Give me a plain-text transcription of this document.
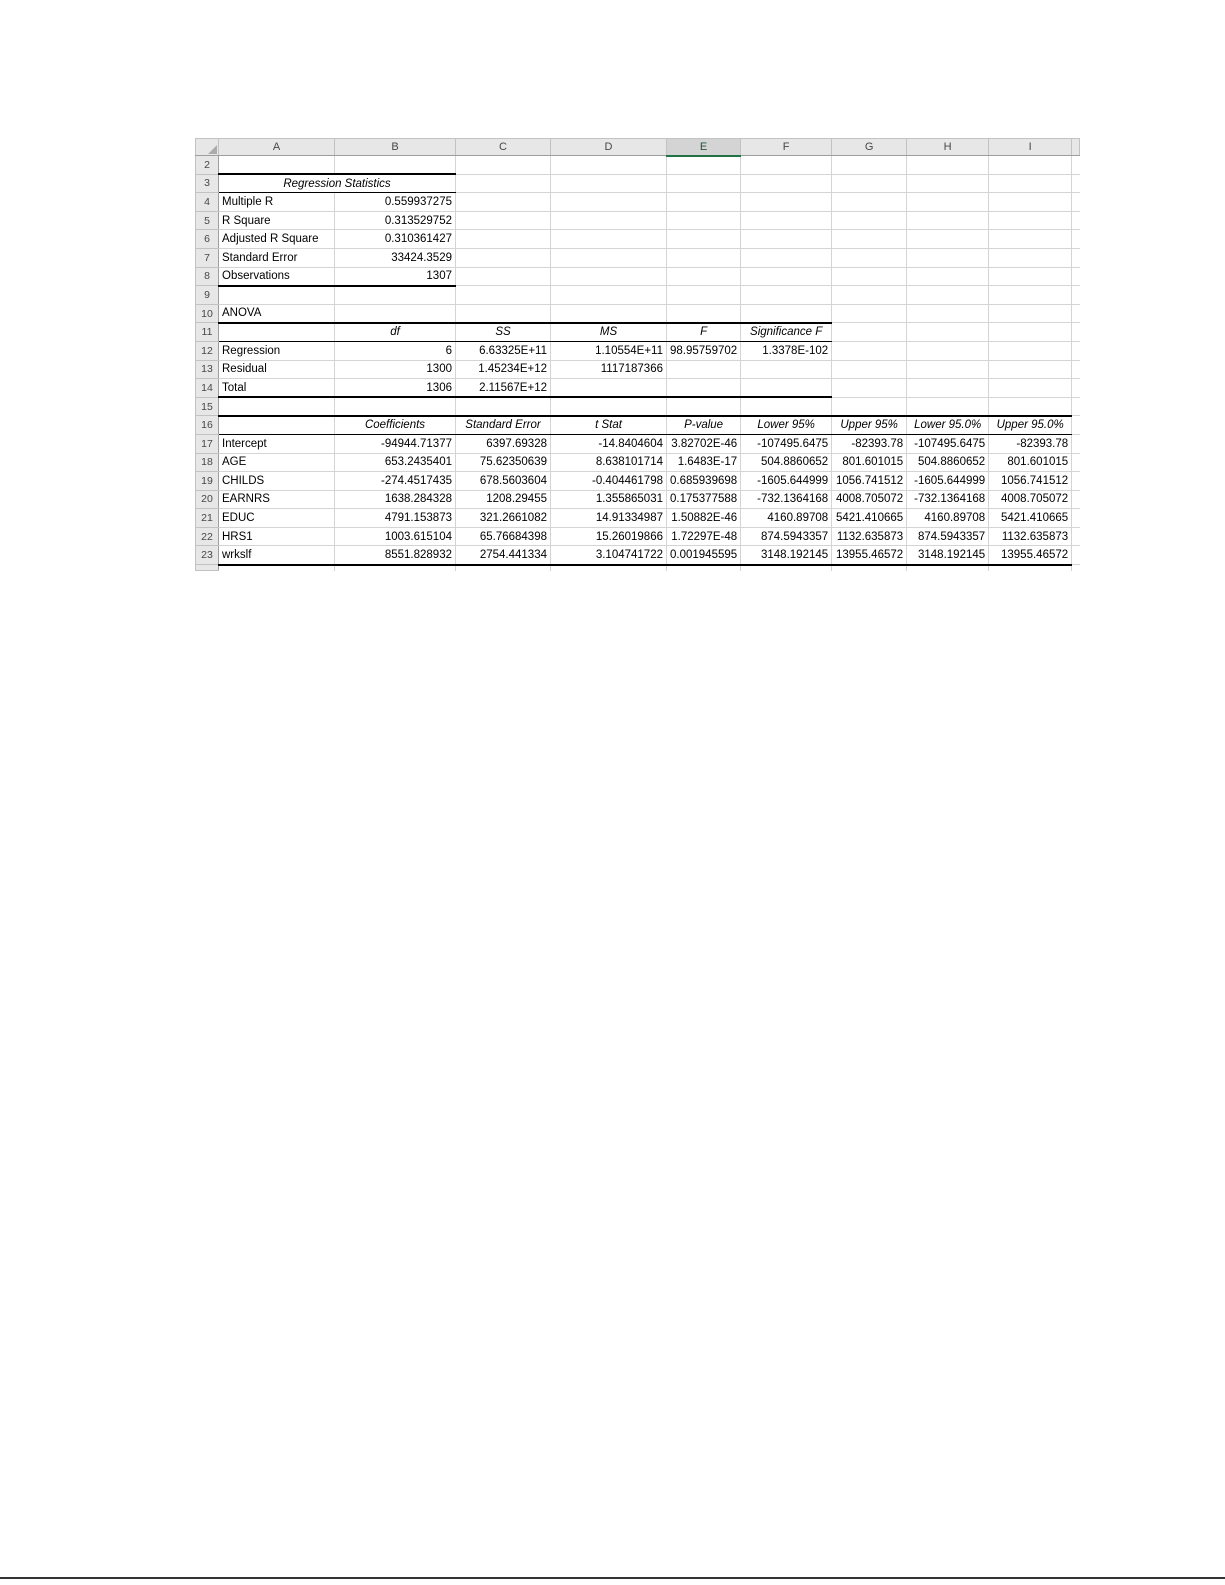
	A	B	C	D	E	F	G	H	I	
2										
3	Regression Statistics									
4	Multiple R	0.559937275								
5	R Square	0.313529752								
6	Adjusted R Square	0.310361427								
7	Standard Error	33424.3529								
8	Observations	1307								
9										
10	ANOVA									
11		df	SS	MS	F	Significance F				
12	Regression	6	6.63325E+11	1.10554E+11	98.95759702	1.3378E-102				
13	Residual	1300	1.45234E+12	1117187366						
14	Total	1306	2.11567E+12							
15										
16		Coefficients	Standard Error	t Stat	P-value	Lower 95%	Upper 95%	Lower 95.0%	Upper 95.0%	
17	Intercept	-94944.71377	6397.69328	-14.8404604	3.82702E-46	-107495.6475	-82393.78	-107495.6475	-82393.78	
18	AGE	653.2435401	75.62350639	8.638101714	1.6483E-17	504.8860652	801.601015	504.8860652	801.601015	
19	CHILDS	-274.4517435	678.5603604	-0.404461798	0.685939698	-1605.644999	1056.741512	-1605.644999	1056.741512	
20	EARNRS	1638.284328	1208.29455	1.355865031	0.175377588	-732.1364168	4008.705072	-732.1364168	4008.705072	
21	EDUC	4791.153873	321.2661082	14.91334987	1.50882E-46	4160.89708	5421.410665	4160.89708	5421.410665	
22	HRS1	1003.615104	65.76684398	15.26019866	1.72297E-48	874.5943357	1132.635873	874.5943357	1132.635873	
23	wrkslf	8551.828932	2754.441334	3.104741722	0.001945595	3148.192145	13955.46572	3148.192145	13955.46572	
